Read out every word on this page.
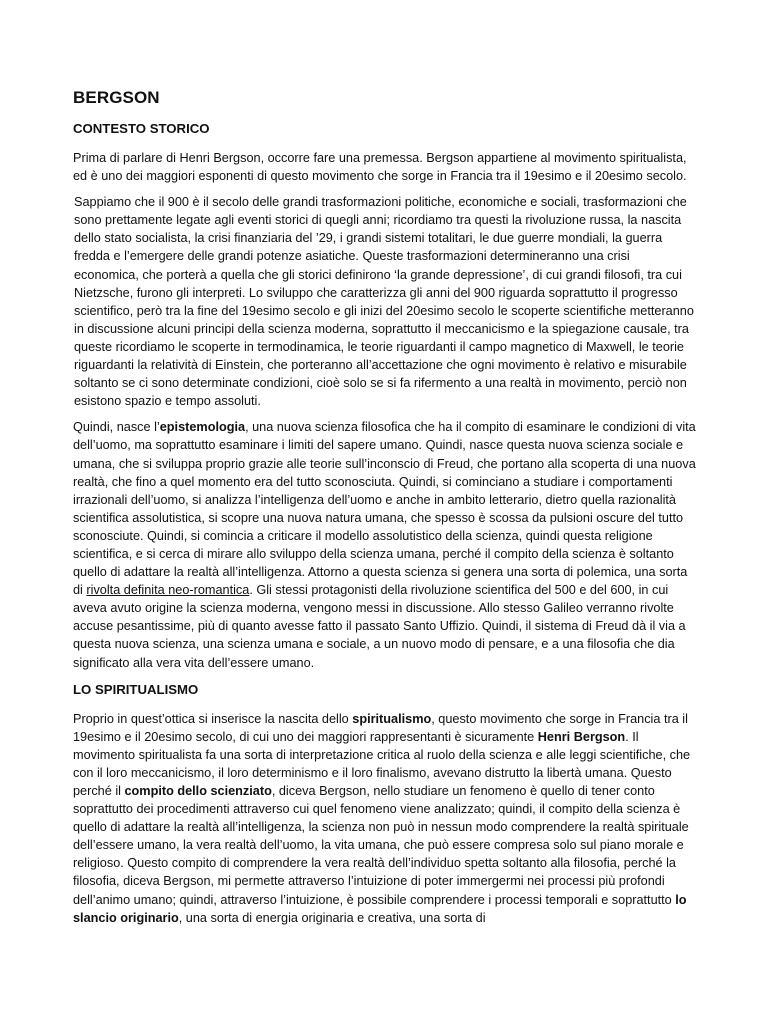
BERGSON
CONTESTO STORICO

Prima di parlare di Henri Bergson, occorre fare una premessa. Bergson appartiene al movimento spiritualista, ed è uno dei maggiori esponenti di questo movimento che sorge in Francia tra il 19esimo e il 20esimo secolo.

Sappiamo che il 900 è il secolo delle grandi trasformazioni politiche, economiche e sociali, trasformazioni che sono prettamente legate agli eventi storici di quegli anni; ricordiamo tra questi la rivoluzione russa, la nascita dello stato socialista, la crisi finanziaria del ’29, i grandi sistemi totalitari, le due guerre mondiali, la guerra fredda e l’emergere delle grandi potenze asiatiche. Queste trasformazioni determineranno una crisi economica, che porterà a quella che gli storici definirono ‘la grande depressione’, di cui grandi filosofi, tra cui Nietzsche, furono gli interpreti. Lo sviluppo che caratterizza gli anni del 900 riguarda soprattutto il progresso scientifico, però tra la fine del 19esimo secolo e gli inizi del 20esimo secolo le scoperte scientifiche metteranno in discussione alcuni principi della scienza moderna, soprattutto il meccanicismo e la spiegazione causale, tra queste ricordiamo le scoperte in termodinamica, le teorie riguardanti il campo magnetico di Maxwell, le teorie riguardanti la relatività di Einstein, che porteranno all’accettazione che ogni movimento è relativo e misurabile soltanto se ci sono determinate condizioni, cioè solo se si fa rifermento a una realtà in movimento, perciò non esistono spazio e tempo assoluti.

Quindi, nasce l’epistemologia, una nuova scienza filosofica che ha il compito di esaminare le condizioni di vita dell’uomo, ma soprattutto esaminare i limiti del sapere umano. Quindi, nasce questa nuova scienza sociale e umana, che si sviluppa proprio grazie alle teorie sull’inconscio di Freud, che portano alla scoperta di una nuova realtà, che fino a quel momento era del tutto sconosciuta. Quindi, si cominciano a studiare i comportamenti irrazionali dell’uomo, si analizza l’intelligenza dell’uomo e anche in ambito letterario, dietro quella razionalità scientifica assolutistica, si scopre una nuova natura umana, che spesso è scossa da pulsioni oscure del tutto sconosciute. Quindi, si comincia a criticare il modello assolutistico della scienza, quindi questa religione scientifica, e si cerca di mirare allo sviluppo della scienza umana, perché il compito della scienza è soltanto quello di adattare la realtà all’intelligenza. Attorno a questa scienza si genera una sorta di polemica, una sorta di rivolta definita neo-romantica. Gli stessi protagonisti della rivoluzione scientifica del 500 e del 600, in cui aveva avuto origine la scienza moderna, vengono messi in discussione. Allo stesso Galileo verranno rivolte accuse pesantissime, più di quanto avesse fatto il passato Santo Uffizio. Quindi, il sistema di Freud dà il via a questa nuova scienza, una scienza umana e sociale, a un nuovo modo di pensare, e a una filosofia che dia significato alla vera vita dell’essere umano.

LO SPIRITUALISMO

Proprio in quest’ottica si inserisce la nascita dello spiritualismo, questo movimento che sorge in Francia tra il 19esimo e il 20esimo secolo, di cui uno dei maggiori rappresentanti è sicuramente Henri Bergson. Il movimento spiritualista fa una sorta di interpretazione critica al ruolo della scienza e alle leggi scientifiche, che con il loro meccanicismo, il loro determinismo e il loro finalismo, avevano distrutto la libertà umana. Questo perché il compito dello scienziato, diceva Bergson, nello studiare un fenomeno è quello di tener conto soprattutto dei procedimenti attraverso cui quel fenomeno viene analizzato; quindi, il compito della scienza è quello di adattare la realtà all’intelligenza, la scienza non può in nessun modo comprendere la realtà spirituale dell’essere umano, la vera realtà dell’uomo, la vita umana, che può essere compresa solo sul piano morale e religioso. Questo compito di comprendere la vera realtà dell’individuo spetta soltanto alla filosofia, perché la filosofia, diceva Bergson, mi permette attraverso l’intuizione di poter immergermi nei processi più profondi dell’animo umano; quindi, attraverso l’intuizione, è possibile comprendere i processi temporali e soprattutto lo slancio originario, una sorta di energia originaria e creativa, una sorta di
